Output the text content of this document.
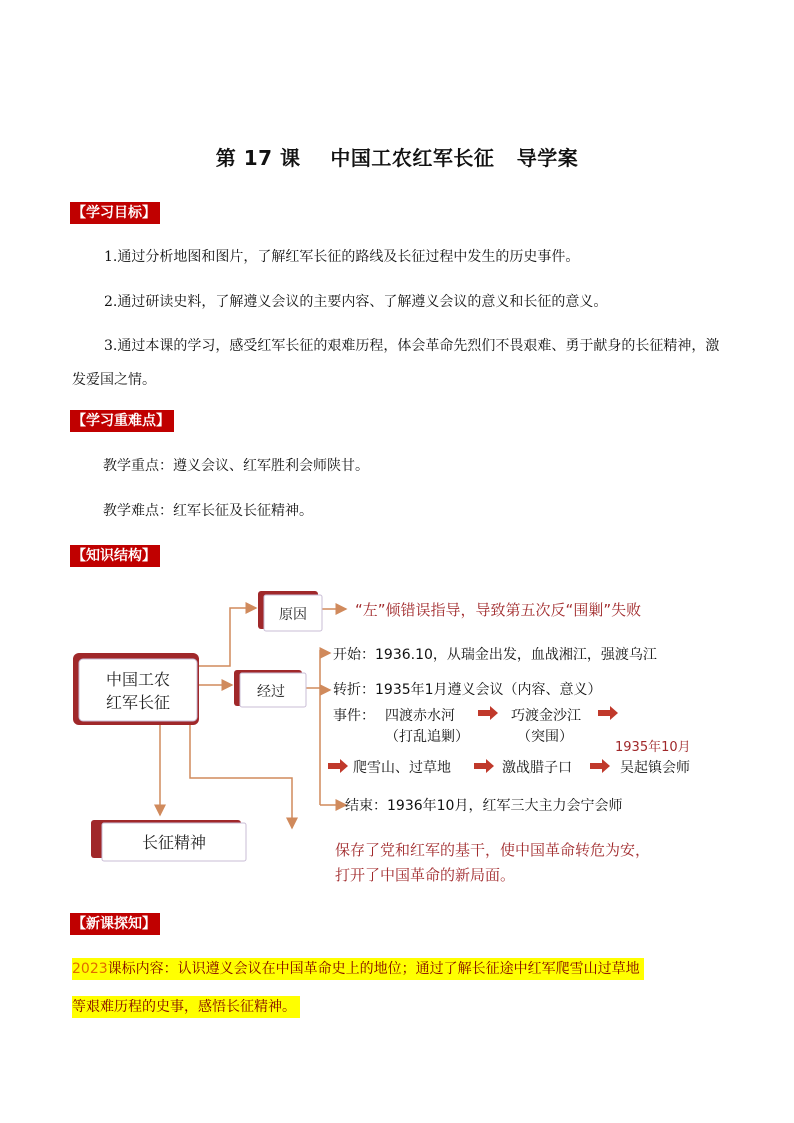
第 17 课    中国工农红军长征   导学案
【学习目标】
1.通过分析地图和图片，了解红军长征的路线及长征过程中发生的历史事件。
2.通过研读史料，了解遵义会议的主要内容、了解遵义会议的意义和长征的意义。
3.通过本课的学习，感受红军长征的艰难历程，体会革命先烈们不畏艰难、勇于献身的长征精神，激发爱国之情。
【学习重难点】
教学重点：遵义会议、红军胜利会师陕甘。
教学难点：红军长征及长征精神。
【知识结构】
中国工农
红军长征
原因
经过
长征精神
“左”倾错误指导，导致第五次反“围剿”失败
开始：1936.10，从瑞金出发，血战湘江，强渡乌江
转折：1935年1月遵义会议（内容、意义）
事件： 四渡赤水河
（打乱追剿）
巧渡金沙江
（突围）
爬雪山、过草地	激战腊子口	吴起镇会师
结束：1936年10月，红军三大主力会宁会师
1935年10月
保存了党和红军的基干，使中国革命转危为安，
打开了中国革命的新局面。
【新课探知】
2023课标内容：认识遵义会议在中国革命史上的地位；通过了解长征途中红军爬雪山过草地
等艰难历程的史事，感悟长征精神。
